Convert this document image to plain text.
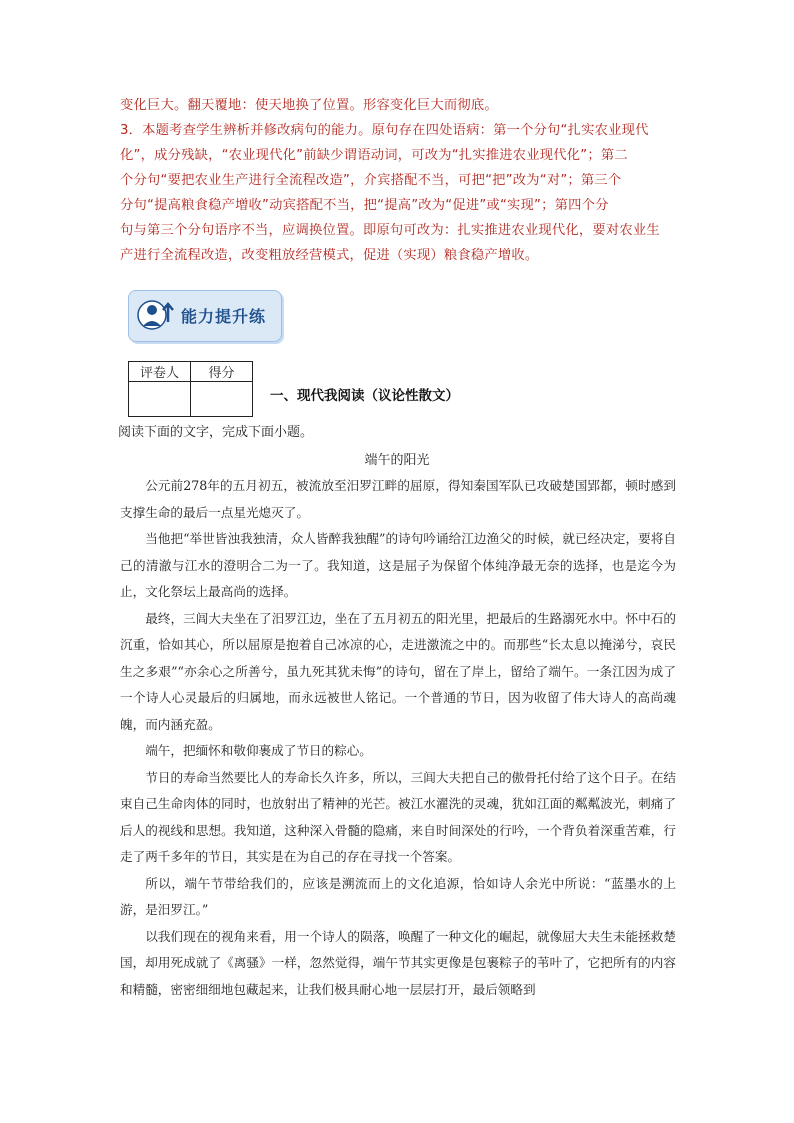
变化巨大。翻天覆地：使天地换了位置。形容变化巨大而彻底。

3．本题考查学生辨析并修改病句的能力。原句存在四处语病：第一个分句“扎实农业现代

化”，成分残缺，“农业现代化”前缺少谓语动词，可改为“扎实推进农业现代化”；第二

个分句“要把农业生产进行全流程改造”，介宾搭配不当，可把“把”改为“对”；第三个

分句“提高粮食稳产增收”动宾搭配不当，把“提高”改为“促进”或“实现”；第四个分

句与第三个分句语序不当，应调换位置。即原句可改为：扎实推进农业现代化，要对农业生

产进行全流程改造，改变粗放经营模式，促进（实现）粮食稳产增收。

能力提升练
评卷人	得分

一、现代我阅读（议论性散文）
阅读下面的文字，完成下面小题。
端午的阳光

公元前278年的五月初五，被流放至汨罗江畔的屈原，得知秦国军队已攻破楚国郢都，顿时感到支撑生命的最后一点星光熄灭了。

当他把“举世皆浊我独清，众人皆醉我独醒”的诗句吟诵给江边渔父的时候，就已经决定，要将自己的清澈与江水的澄明合二为一了。我知道，这是屈子为保留个体纯净最无奈的选择，也是迄今为止，文化祭坛上最高尚的选择。

最终，三闾大夫坐在了汨罗江边，坐在了五月初五的阳光里，把最后的生路溺死水中。怀中石的沉重，恰如其心，所以屈原是抱着自己冰凉的心，走进激流之中的。而那些“长太息以掩涕兮，哀民生之多艰”“亦余心之所善兮，虽九死其犹未悔”的诗句，留在了岸上，留给了端午。一条江因为成了一个诗人心灵最后的归属地，而永远被世人铭记。一个普通的节日，因为收留了伟大诗人的高尚魂魄，而内涵充盈。

端午，把缅怀和敬仰裹成了节日的粽心。

节日的寿命当然要比人的寿命长久许多，所以，三闾大夫把自己的傲骨托付给了这个日子。在结束自己生命肉体的同时，也放射出了精神的光芒。被江水濯洗的灵魂，犹如江面的粼粼波光，刺痛了后人的视线和思想。我知道，这种深入骨髓的隐痛，来自时间深处的行吟，一个背负着深重苦难，行走了两千多年的节日，其实是在为自己的存在寻找一个答案。

所以，端午节带给我们的，应该是溯流而上的文化追源，恰如诗人余光中所说：“蓝墨水的上游，是汨罗江。”

以我们现在的视角来看，用一个诗人的陨落，唤醒了一种文化的崛起，就像屈大夫生未能拯救楚国，却用死成就了《离骚》一样，忽然觉得，端午节其实更像是包裹粽子的苇叶了，它把所有的内容和精髓，密密细细地包藏起来，让我们极具耐心地一层层打开，最后领略到
